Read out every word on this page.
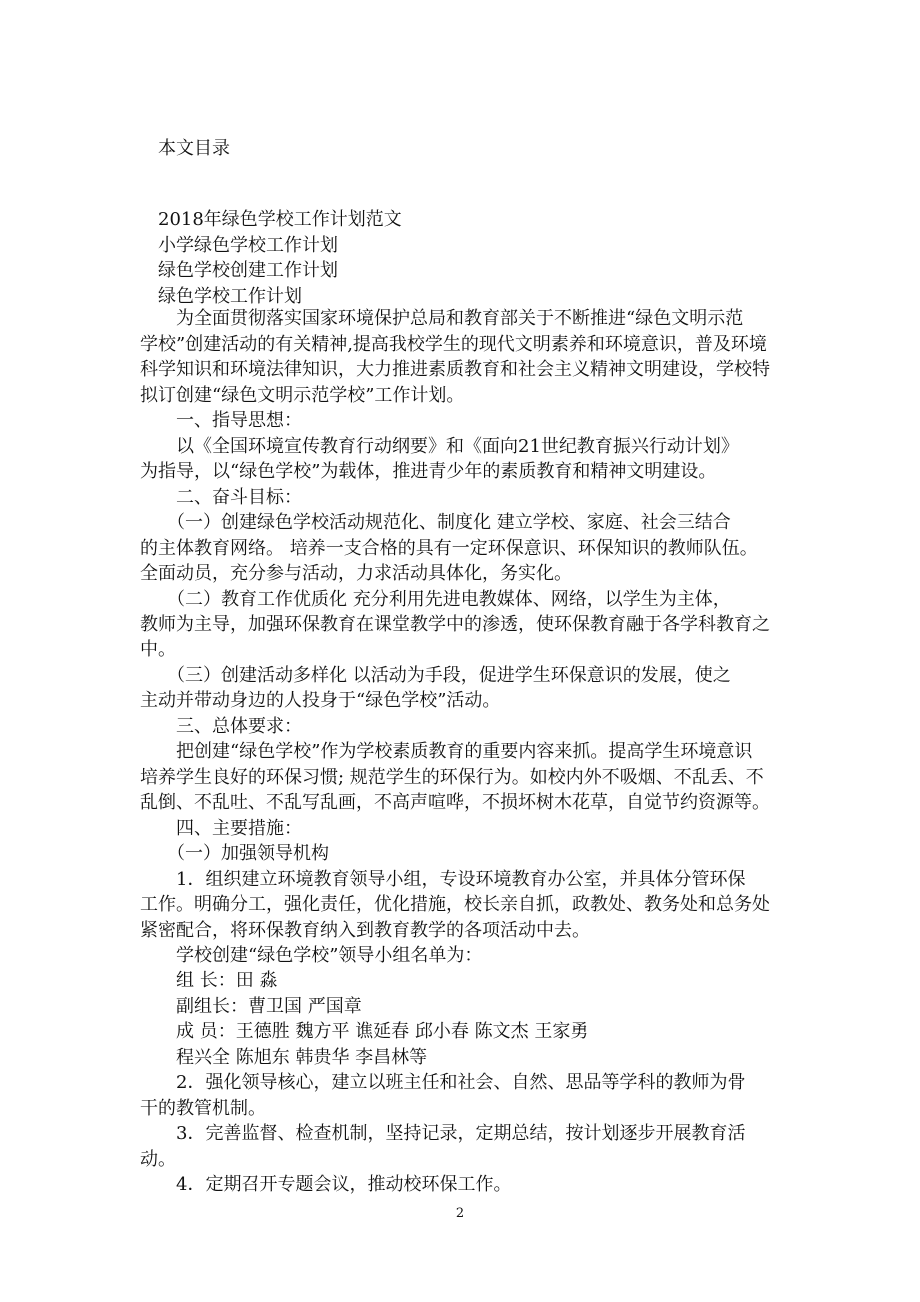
本文目录
2018年绿色学校工作计划范文
小学绿色学校工作计划
绿色学校创建工作计划
绿色学校工作计划
　　为全面贯彻落实国家环境保护总局和教育部关于不断推进“绿色文明示范
学校”创建活动的有关精神,提高我校学生的现代文明素养和环境意识，普及环境
科学知识和环境法律知识，大力推进素质教育和社会主义精神文明建设，学校特
拟订创建“绿色文明示范学校”工作计划。
　　一、指导思想：
　　以《全国环境宣传教育行动纲要》和《面向21世纪教育振兴行动计划》
为指导，以“绿色学校”为载体，推进青少年的素质教育和精神文明建设。
　　二、奋斗目标：
　　（一）创建绿色学校活动规范化、制度化 建立学校、家庭、社会三结合
的主体教育网络。 培养一支合格的具有一定环保意识、环保知识的教师队伍。
全面动员，充分参与活动，力求活动具体化，务实化。
　　（二）教育工作优质化 充分利用先进电教媒体、网络，以学生为主体，
教师为主导，加强环保教育在课堂教学中的渗透，使环保教育融于各学科教育之
中。
　　（三）创建活动多样化 以活动为手段，促进学生环保意识的发展，使之
主动并带动身边的人投身于“绿色学校”活动。
　　三、总体要求：
　　把创建“绿色学校”作为学校素质教育的重要内容来抓。提高学生环境意识
培养学生良好的环保习惯; 规范学生的环保行为。如校内外不吸烟、不乱丢、不
乱倒、不乱吐、不乱写乱画，不高声喧哗，不损坏树木花草，自觉节约资源等。
　　四、主要措施：
　　（一）加强领导机构
　　1．组织建立环境教育领导小组，专设环境教育办公室，并具体分管环保
工作。明确分工，强化责任，优化措施，校长亲自抓，政教处、教务处和总务处
紧密配合，将环保教育纳入到教育教学的各项活动中去。
　　学校创建“绿色学校”领导小组名单为：
　　组 长：田 淼
　　副组长：曹卫国 严国章
　　成 员：王德胜 魏方平 谯延春 邱小春 陈文杰 王家勇
　　程兴全 陈旭东 韩贵华 李昌林等
　　2．强化领导核心，建立以班主任和社会、自然、思品等学科的教师为骨
干的教管机制。
　　3．完善监督、检查机制，坚持记录，定期总结，按计划逐步开展教育活
动。
　　4．定期召开专题会议，推动校环保工作。
2
